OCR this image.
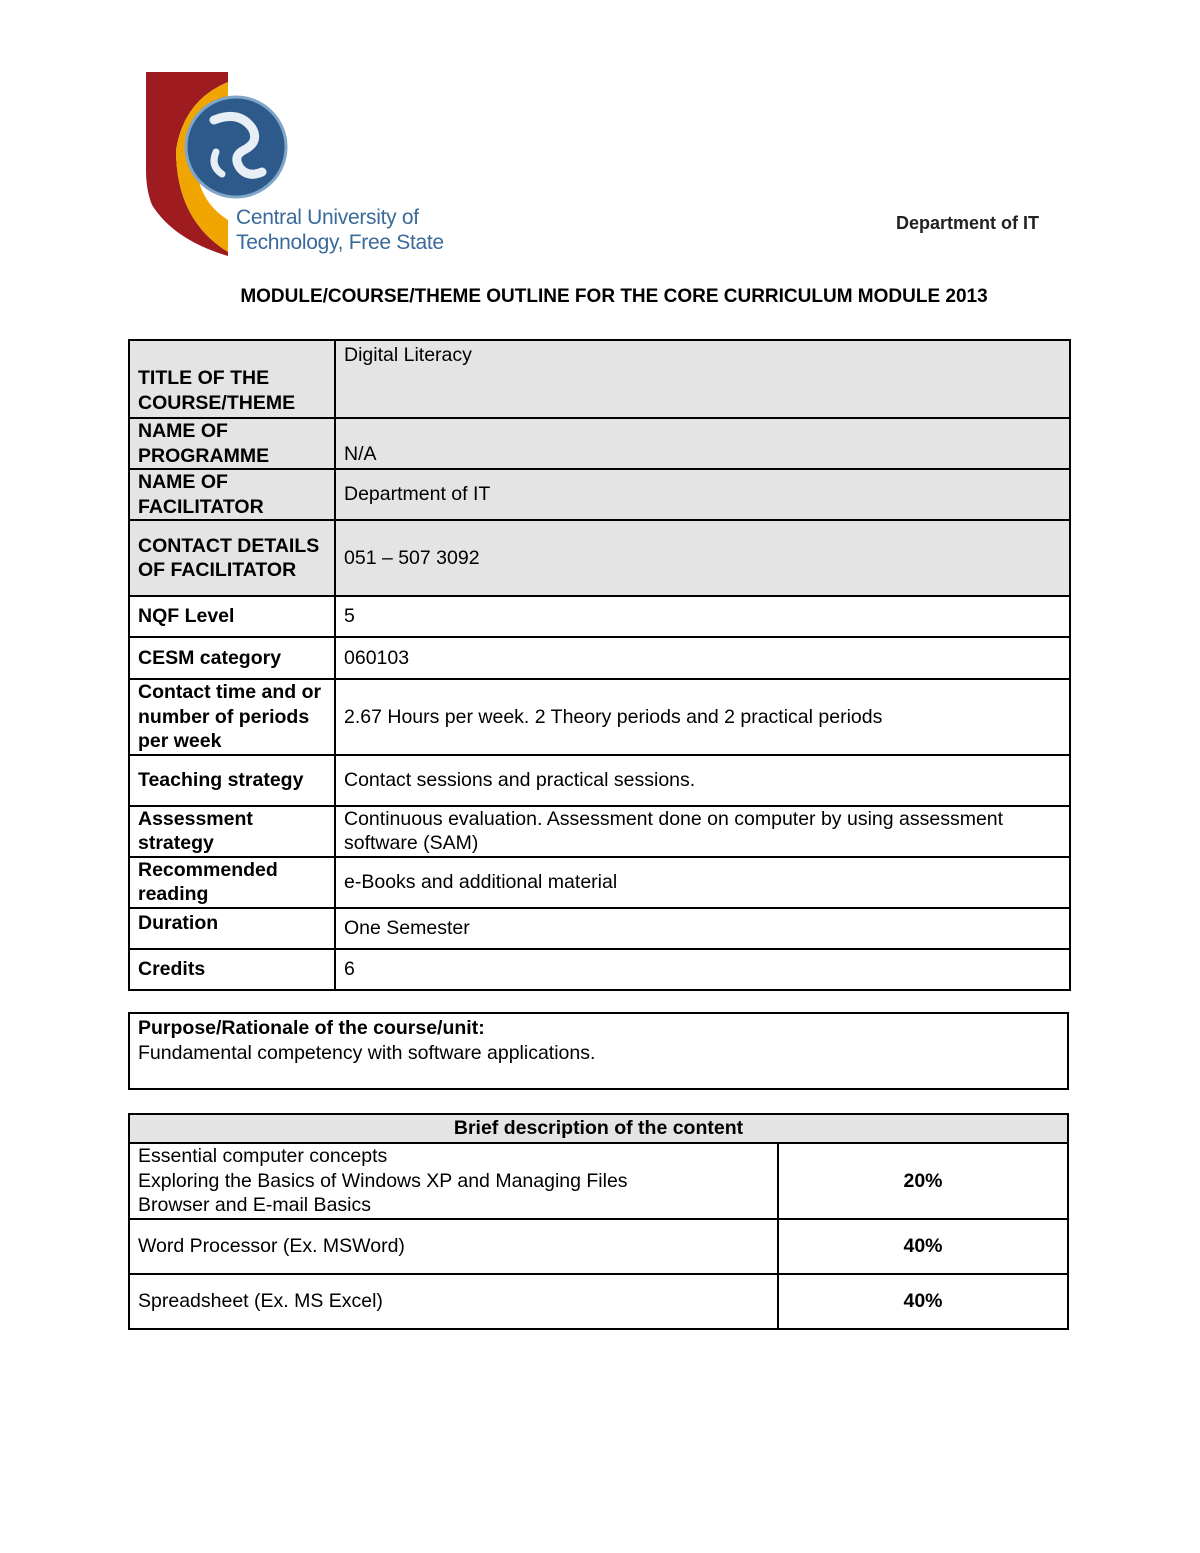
Central University of
Technology, Free State
Department of IT
MODULE/COURSE/THEME OUTLINE FOR THE CORE CURRICULUM MODULE 2013
TITLE OF THE COURSE/THEME	Digital Literacy
NAME OF PROGRAMME	N/A
NAME OF FACILITATOR	Department of IT
CONTACT DETAILS OF FACILITATOR	051 – 507 3092
NQF Level	5
CESM category	060103
Contact time and or number of periods per week	2.67 Hours per week. 2 Theory periods and 2 practical periods
Teaching strategy	Contact sessions and practical sessions.
Assessment strategy	Continuous evaluation. Assessment done on computer by using assessment software (SAM)
Recommended reading	e-Books and additional material
Duration	One Semester
Credits	6
Purpose/Rationale of the course/unit:
Fundamental competency with software applications.
Brief description of the content	

Essential computer concepts
Exploring the Basics of Windows XP and Managing Files
Browser and E-mail Basics	20%

Word Processor (Ex. MSWord)	40%

Spreadsheet (Ex. MS Excel)	40%
